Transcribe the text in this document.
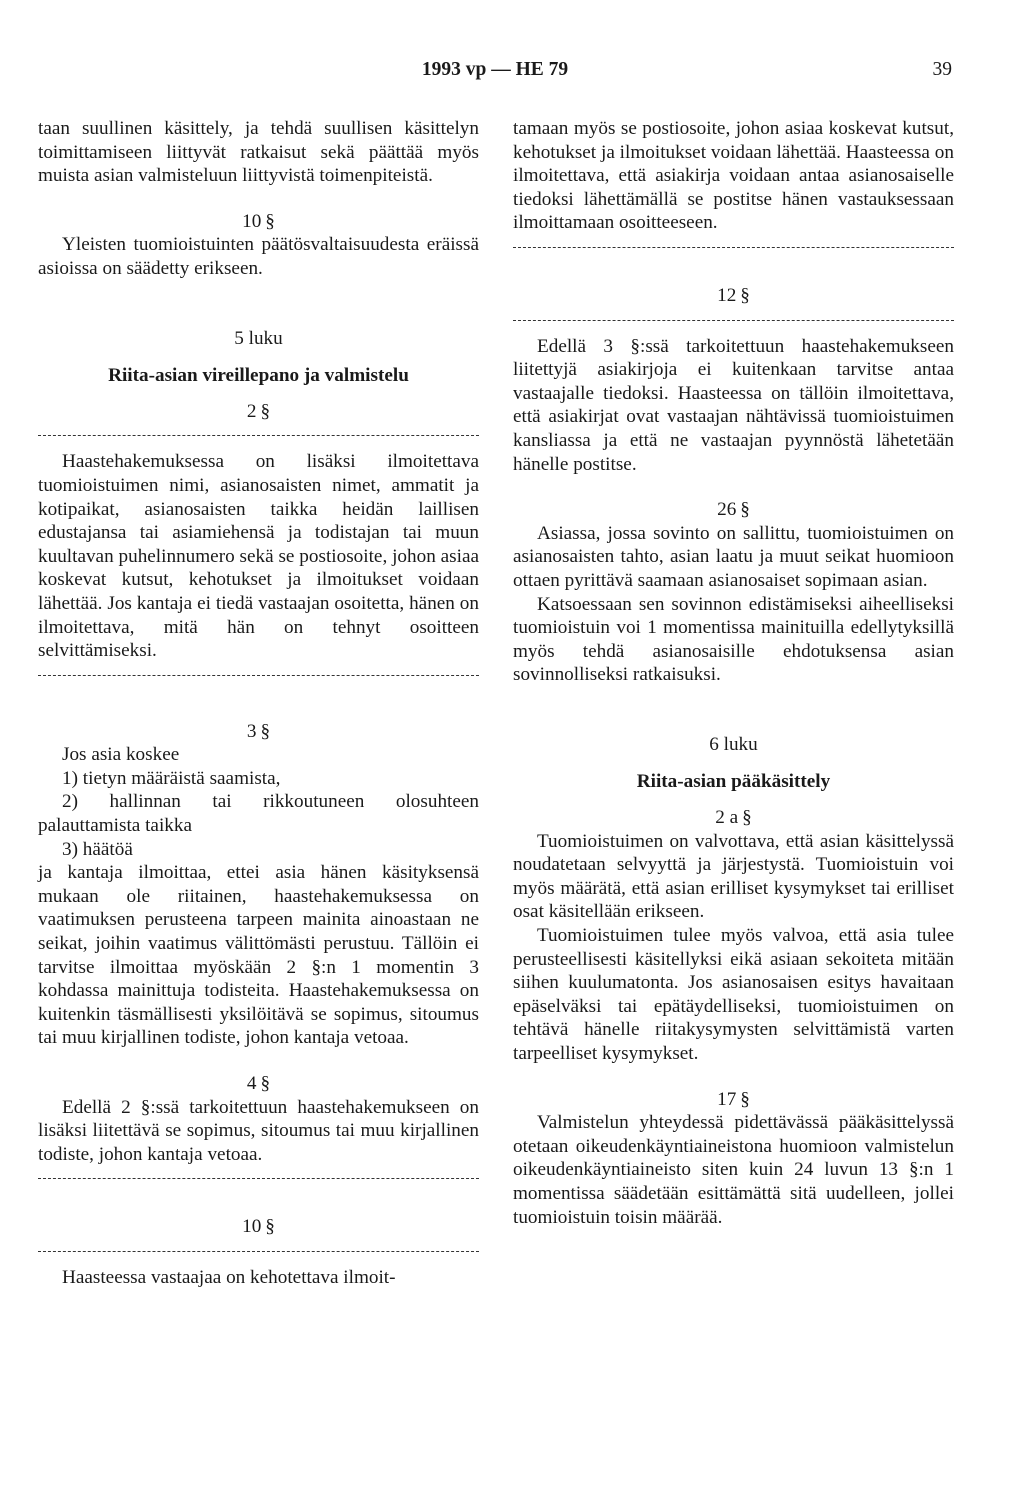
1993 vp — HE 79	39

taan suullinen käsittely, ja tehdä suullisen käsittelyn toimittamiseen liittyvät ratkaisut sekä päättää myös muista asian valmisteluun liittyvistä toimenpiteistä.

10 §

Yleisten tuomioistuinten päätösvaltaisuudesta eräissä asioissa on säädetty erikseen.

5 luku

Riita-asian vireillepano ja valmistelu

2 §

Haastehakemuksessa on lisäksi ilmoitettava tuomioistuimen nimi, asianosaisten nimet, ammatit ja kotipaikat, asianosaisten taikka heidän laillisen edustajansa tai asiamiehensä ja todistajan tai muun kuultavan puhelinnumero sekä se postiosoite, johon asiaa koskevat kutsut, kehotukset ja ilmoitukset voidaan lähettää. Jos kantaja ei tiedä vastaajan osoitetta, hänen on ilmoitettava, mitä hän on tehnyt osoitteen selvittämiseksi.

3 §

Jos asia koskee

1) tietyn määräistä saamista,

2) hallinnan tai rikkoutuneen olosuhteen palauttamista taikka

3) häätöä

ja kantaja ilmoittaa, ettei asia hänen käsityksensä mukaan ole riitainen, haastehakemuksessa on vaatimuksen perusteena tarpeen mainita ainoastaan ne seikat, joihin vaatimus välittömästi perustuu. Tällöin ei tarvitse ilmoittaa myöskään 2 §:n 1 momentin 3 kohdassa mainittuja todisteita. Haastehakemuksessa on kuitenkin täsmällisesti yksilöitävä se sopimus, sitoumus tai muu kirjallinen todiste, johon kantaja vetoaa.

4 §

Edellä 2 §:ssä tarkoitettuun haastehakemukseen on lisäksi liitettävä se sopimus, sitoumus tai muu kirjallinen todiste, johon kantaja vetoaa.

10 §

Haasteessa vastaajaa on kehotettava ilmoit-

tamaan myös se postiosoite, johon asiaa koskevat kutsut, kehotukset ja ilmoitukset voidaan lähettää. Haasteessa on ilmoitettava, että asiakirja voidaan antaa asianosaiselle tiedoksi lähettämällä se postitse hänen vastauksessaan ilmoittamaan osoitteeseen.

12 §

Edellä 3 §:ssä tarkoitettuun haastehakemukseen liitettyjä asiakirjoja ei kuitenkaan tarvitse antaa vastaajalle tiedoksi. Haasteessa on tällöin ilmoitettava, että asiakirjat ovat vastaajan nähtävissä tuomioistuimen kansliassa ja että ne vastaajan pyynnöstä lähetetään hänelle postitse.

26 §

Asiassa, jossa sovinto on sallittu, tuomioistuimen on asianosaisten tahto, asian laatu ja muut seikat huomioon ottaen pyrittävä saamaan asianosaiset sopimaan asian.

Katsoessaan sen sovinnon edistämiseksi aiheelliseksi tuomioistuin voi 1 momentissa mainituilla edellytyksillä myös tehdä asianosaisille ehdotuksensa asian sovinnolliseksi ratkaisuksi.

6 luku

Riita-asian pääkäsittely

2 a §

Tuomioistuimen on valvottava, että asian käsittelyssä noudatetaan selvyyttä ja järjestystä. Tuomioistuin voi myös määrätä, että asian erilliset kysymykset tai erilliset osat käsitellään erikseen.

Tuomioistuimen tulee myös valvoa, että asia tulee perusteellisesti käsitellyksi eikä asiaan sekoiteta mitään siihen kuulumatonta. Jos asianosaisen esitys havaitaan epäselväksi tai epätäydelliseksi, tuomioistuimen on tehtävä hänelle riitakysymysten selvittämistä varten tarpeelliset kysymykset.

17 §

Valmistelun yhteydessä pidettävässä pääkäsittelyssä otetaan oikeudenkäyntiaineistona huomioon valmistelun oikeudenkäyntiaineisto siten kuin 24 luvun 13 §:n 1 momentissa säädetään esittämättä sitä uudelleen, jollei tuomioistuin toisin määrää.
